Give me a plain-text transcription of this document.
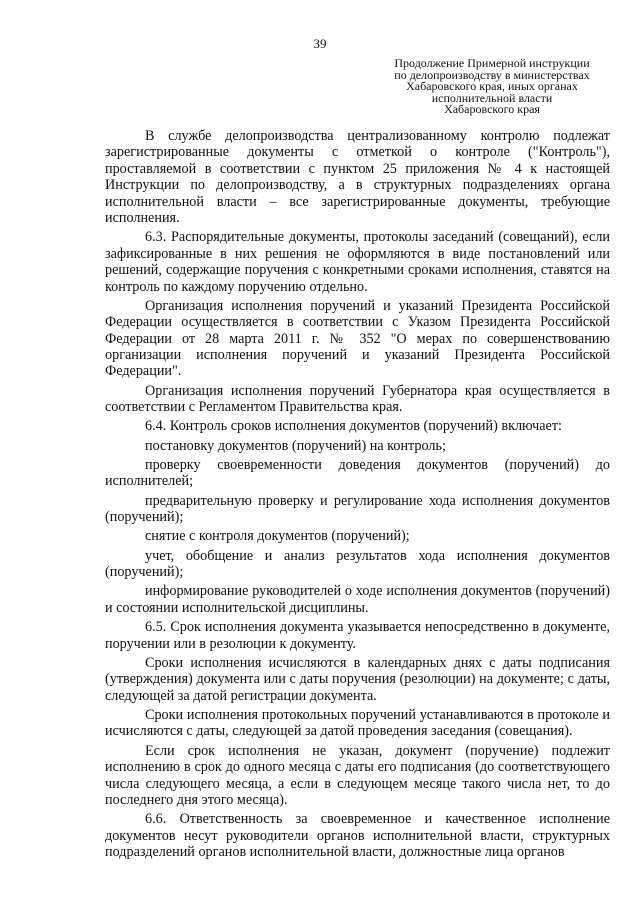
39
Продолжение Примерной инструкции
по делопроизводству в министерствах
Хабаровского края, иных органах
исполнительной власти
Хабаровского края

В службе делопроизводства централизованному контролю подлежат зарегистрированные документы с отметкой о контроле ("Контроль"), проставляемой в соответствии с пунктом 25 приложения № 4 к настоящей Инструкции по делопроизводству, а в структурных подразделениях органа исполнительной власти – все зарегистрированные документы, требующие исполнения.

6.3. Распорядительные документы, протоколы заседаний (совещаний), если зафиксированные в них решения не оформляются в виде постановлений или решений, содержащие поручения с конкретными сроками исполнения, ставятся на контроль по каждому поручению отдельно.

Организация исполнения поручений и указаний Президента Российской Федерации осуществляется в соответствии с Указом Президента Российской Федерации от 28 марта 2011 г. № 352 "О мерах по совершенствованию организации исполнения поручений и указаний Президента Российской Федерации".

Организация исполнения поручений Губернатора края осуществляется в соответствии с Регламентом Правительства края.

6.4. Контроль сроков исполнения документов (поручений) включает:

постановку документов (поручений) на контроль;

проверку своевременности доведения документов (поручений) до исполнителей;

предварительную проверку и регулирование хода исполнения документов (поручений);

снятие с контроля документов (поручений);

учет, обобщение и анализ результатов хода исполнения документов (поручений);

информирование руководителей о ходе исполнения документов (поручений) и состоянии исполнительской дисциплины.

6.5. Срок исполнения документа указывается непосредственно в документе, поручении или в резолюции к документу.

Сроки исполнения исчисляются в календарных днях с даты подписания (утверждения) документа или с даты поручения (резолюции) на документе; с даты, следующей за датой регистрации документа.

Сроки исполнения протокольных поручений устанавливаются в протоколе и исчисляются с даты, следующей за датой проведения заседания (совещания).

Если срок исполнения не указан, документ (поручение) подлежит исполнению в срок до одного месяца с даты его подписания (до соответствующего числа следующего месяца, а если в следующем месяце такого числа нет, то до последнего дня этого месяца).

6.6. Ответственность за своевременное и качественное исполнение документов несут руководители органов исполнительной власти, структурных подразделений органов исполнительной власти, должностные лица органов
